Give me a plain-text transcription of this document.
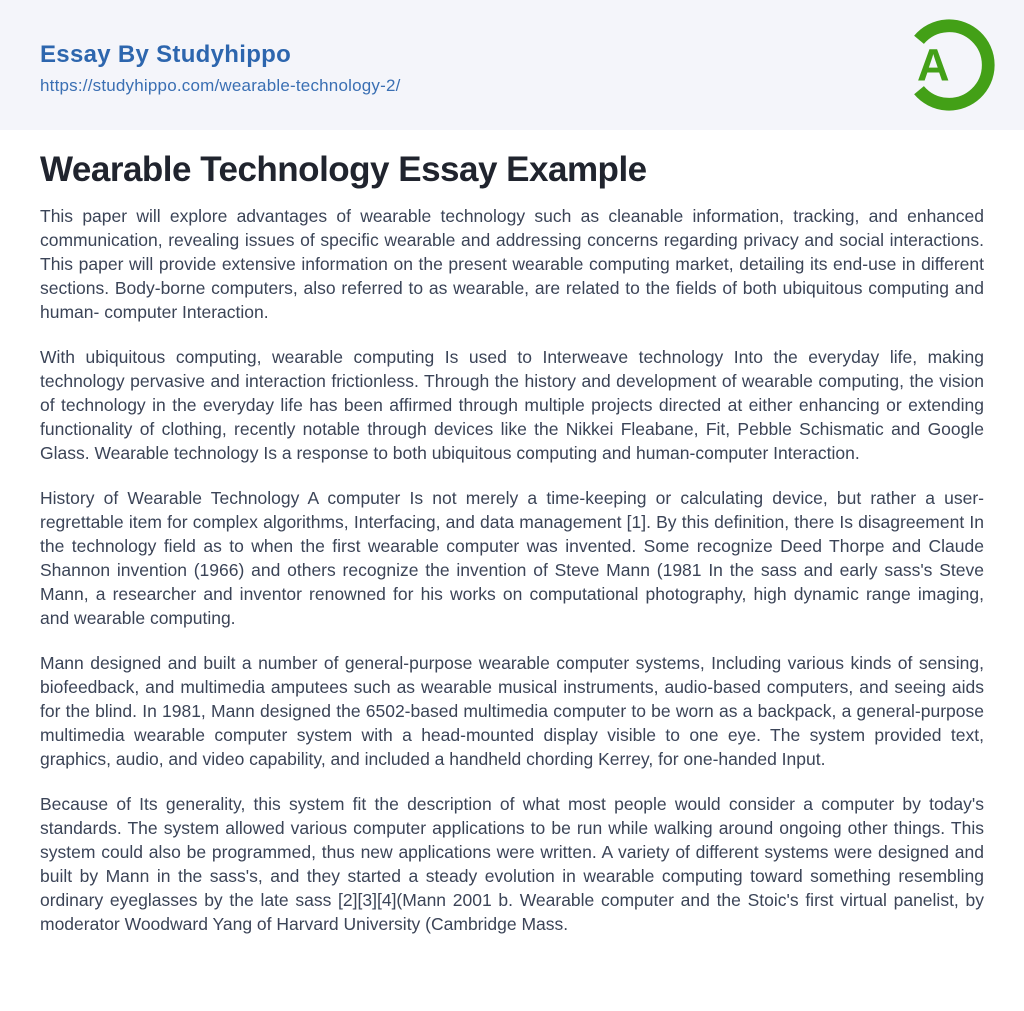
Essay By Studyhippo
https://studyhippo.com/wearable-technology-2/	A
Wearable Technology Essay Example

This paper will explore advantages of wearable technology such as cleanable information, tracking, and enhanced communication, revealing issues of specific wearable and addressing concerns regarding privacy and social interactions. This paper will provide extensive information on the present wearable computing market, detailing its end-use in different sections. Body-borne computers, also referred to as wearable, are related to the fields of both ubiquitous computing and human- computer Interaction.

With ubiquitous computing, wearable computing Is used to Interweave technology Into the everyday life, making technology pervasive and interaction frictionless. Through the history and development of wearable computing, the vision of technology in the everyday life has been affirmed through multiple projects directed at either enhancing or extending functionality of clothing, recently notable through devices like the Nikkei Fleabane, Fit, Pebble Schismatic and Google Glass. Wearable technology Is a response to both ubiquitous computing and human-computer Interaction.

History of Wearable Technology A computer Is not merely a time-keeping or calculating device, but rather a user-regrettable item for complex algorithms, Interfacing, and data management [1]. By this definition, there Is disagreement In the technology field as to when the first wearable computer was invented. Some recognize Deed Thorpe and Claude Shannon invention (1966) and others recognize the invention of Steve Mann (1981 In the sass and early sass's Steve Mann, a researcher and inventor renowned for his works on computational photography, high dynamic range imaging, and wearable computing.

Mann designed and built a number of general-purpose wearable computer systems, Including various kinds of sensing, biofeedback, and multimedia amputees such as wearable musical instruments, audio-based computers, and seeing aids for the blind. In 1981, Mann designed the 6502-based multimedia computer to be worn as a backpack, a general-purpose multimedia wearable computer system with a head-mounted display visible to one eye. The system provided text, graphics, audio, and video capability, and included a handheld chording Kerrey, for one-handed Input.

Because of Its generality, this system fit the description of what most people would consider a computer by today's standards. The system allowed various computer applications to be run while walking around ongoing other things. This system could also be programmed, thus new applications were written. A variety of different systems were designed and built by Mann in the sass's, and they started a steady evolution in wearable computing toward something resembling ordinary eyeglasses by the late sass [2][3][4](Mann 2001 b. Wearable computer and the Stoic's first virtual panelist, by moderator Woodward Yang of Harvard University (Cambridge Mass.
